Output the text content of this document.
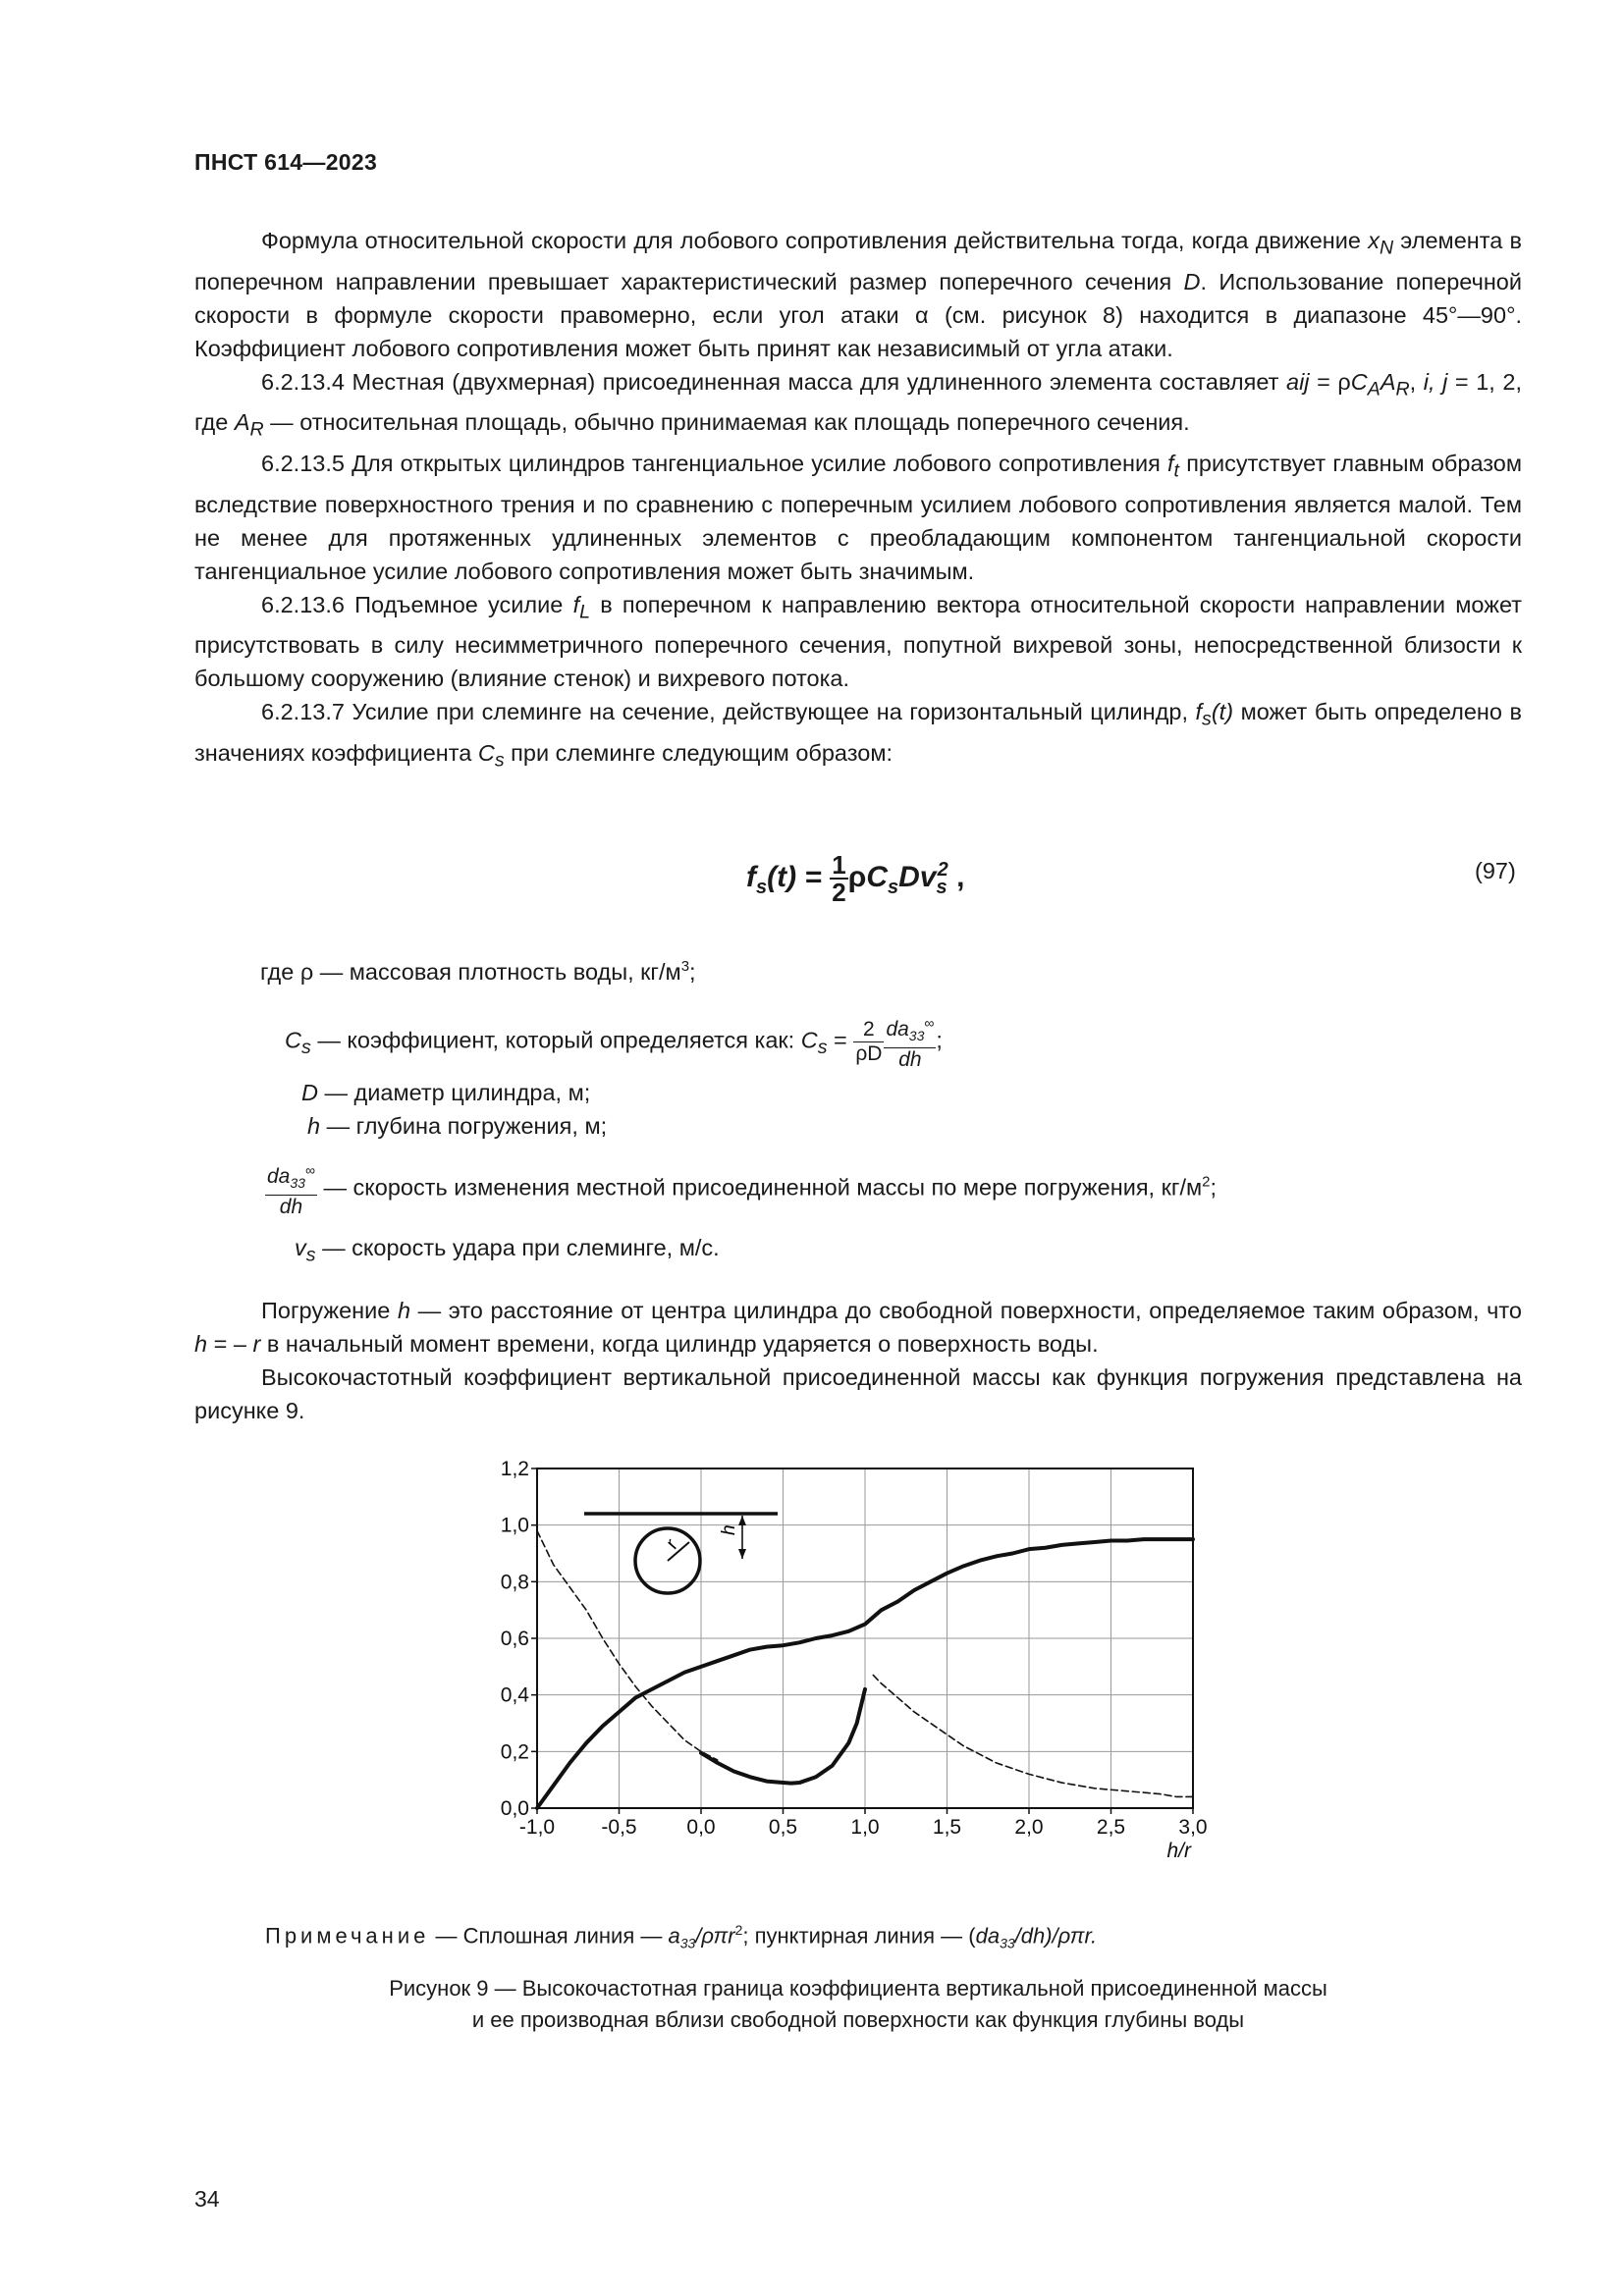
ПНСТ 614—2023

Формула относительной скорости для лобового сопротивления действительна тогда, когда движение $x_N$ элемента в поперечном направлении превышает характеристический размер поперечного сечения D. Использование поперечной скорости в формуле скорости правомерно, если угол атаки α (см. рисунок 8) находится в диапазоне 45°—90°. Коэффициент лобового сопротивления может быть принят как независимый от угла атаки.

6.2.13.4 Местная (двухмерная) присоединенная масса для удлиненного элемента составляет aij = $\rho C_AA_R$, i, j = 1, 2, где $A_R$ — относительная площадь, обычно принимаемая как площадь поперечного сечения.

6.2.13.5 Для открытых цилиндров тангенциальное усилие лобового сопротивления $f_t$ присутствует главным образом вследствие поверхностного трения и по сравнению с поперечным усилием лобового сопротивления является малой. Тем не менее для протяженных удлиненных элементов с преобладающим компонентом тангенциальной скорости тангенциальное усилие лобового сопротивления может быть значимым.

6.2.13.6 Подъемное усилие $f_L$ в поперечном к направлению вектора относительной скорости направлении может присутствовать в силу несимметричного поперечного сечения, попутной вихревой зоны, непосредственной близости к большому сооружению (влияние стенок) и вихревого потока.

6.2.13.7 Усилие при слеминге на сечение, действующее на горизонтальный цилиндр, $f_s(t)$ может быть определено в значениях коэффициента $C_s$ при слеминге следующим образом:

$f_s(t) = \frac{1}{2} \rho C_sDv_s^2$ ,	(97)
где ρ — массовая плотность воды, $кг/м^3$;
$C_s$ — коэффициент, который определяется как: $C_s = \frac{2}{\rho D} \frac{da_{33}^\infty}{dh}$ ;
D — диаметр цилиндра, м;
h — глубина погружения, м;
$\frac{da_{33}^\infty}{dh}$ — скорость изменения местной присоединенной массы по мере погружения, $кг/м^2$;
$v_s$ — скорость удара при слеминге, м/с.

Погружение h — это расстояние от центра цилиндра до свободной поверхности, определяемое таким образом, что h = – r в начальный момент времени, когда цилиндр ударяется о поверхность воды.

Высокочастотный коэффициент вертикальной присоединенной массы как функция погружения представлена на рисунке 9.

-1,0 -0,5 0,0	0,5	1,0	1,5	2,0	2,5	3,0
0,0
0,2
0,4
0,6
0,8
1,0
1,2
h/r
h
r
Примечание — Сплошная линия — $a_{33}/\rho\pi r^2$; пунктирная линия — $(da_{33}/dh)$/ρπr.
Рисунок 9 — Высокочастотная граница коэффициента вертикальной присоединенной массы
и ее производная вблизи свободной поверхности как функция глубины воды
34
